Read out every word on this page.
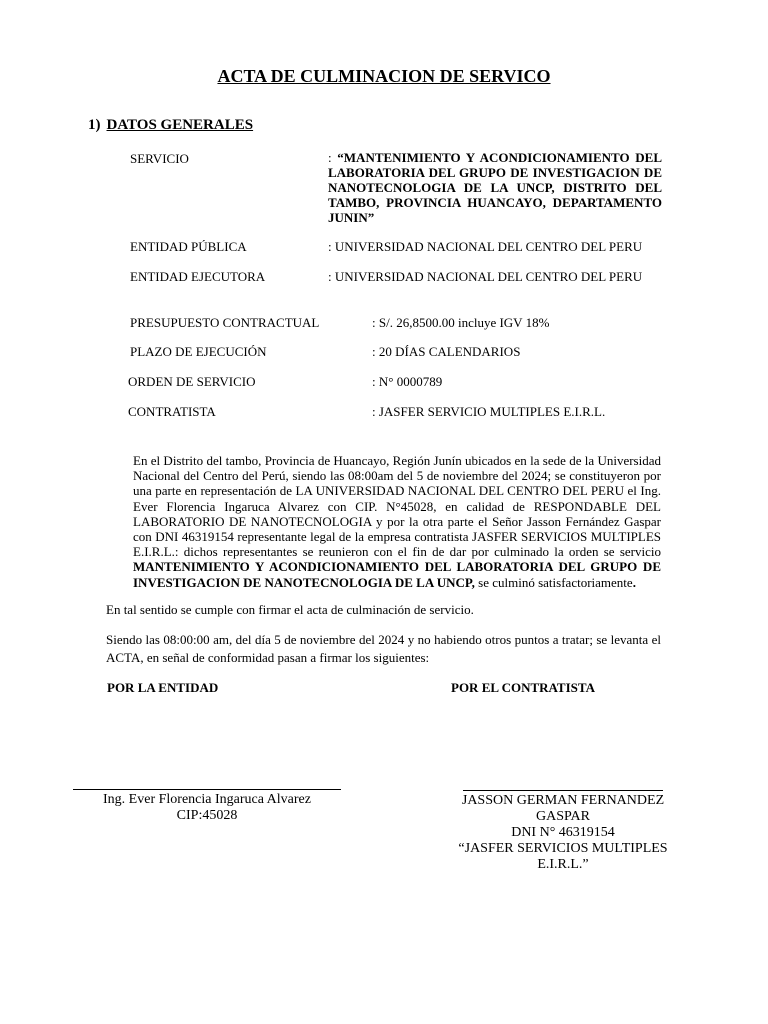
ACTA DE CULMINACION DE SERVICO
1) DATOS GENERALES
SERVICIO	: “MANTENIMIENTO Y ACONDICIONAMIENTO DEL LABORATORIA DEL GRUPO DE INVESTIGACION DE NANOTECNOLOGIA DE LA UNCP, DISTRITO DEL TAMBO, PROVINCIA HUANCAYO, DEPARTAMENTO JUNIN”
ENTIDAD PÚBLICA	: UNIVERSIDAD NACIONAL DEL CENTRO DEL PERU
ENTIDAD EJECUTORA	: UNIVERSIDAD NACIONAL DEL CENTRO DEL PERU
PRESUPUESTO CONTRACTUAL	: S/. 26,8500.00 incluye IGV 18%
PLAZO DE EJECUCIÓN	: 20 DÍAS CALENDARIOS
ORDEN DE SERVICIO	: N° 0000789
CONTRATISTA	: JASFER SERVICIO MULTIPLES E.I.R.L.
En el Distrito del tambo, Provincia de Huancayo, Región Junín ubicados en la sede de la Universidad Nacional del Centro del Perú, siendo las 08:00am del 5 de noviembre del 2024; se constituyeron por una parte en representación de LA UNIVERSIDAD NACIONAL DEL CENTRO DEL PERU el Ing. Ever Florencia Ingaruca Alvarez con CIP. N°45028, en calidad de RESPONDABLE DEL LABORATORIO DE NANOTECNOLOGIA y por la otra parte el Señor Jasson Fernández Gaspar con DNI 46319154 representante legal de la empresa contratista JASFER SERVICIOS MULTIPLES E.I.R.L.: dichos representantes se reunieron con el fin de dar por culminado la orden se servicio MANTENIMIENTO Y ACONDICIONAMIENTO DEL LABORATORIA DEL GRUPO DE INVESTIGACION DE NANOTECNOLOGIA DE LA UNCP, se culminó satisfactoriamente.
En tal sentido se cumple con firmar el acta de culminación de servicio.
Siendo las 08:00:00 am, del día 5 de noviembre del 2024 y no habiendo otros puntos a tratar; se levanta el ACTA, en señal de conformidad pasan a firmar los siguientes:
POR LA ENTIDAD	POR EL CONTRATISTA
Ing. Ever Florencia Ingaruca Alvarez
CIP:45028
JASSON GERMAN FERNANDEZ
GASPAR
DNI N° 46319154
“JASFER SERVICIOS MULTIPLES
E.I.R.L.”
